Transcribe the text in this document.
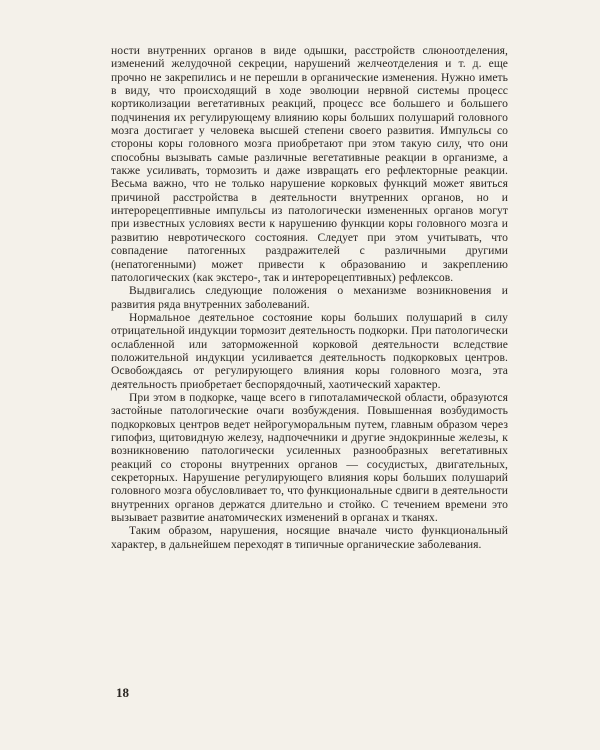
ности внутренних органов в виде одышки, расстройств слюноотделения, изменений желудочной секреции, нарушений желчеотделения и т. д. еще прочно не закрепились и не перешли в органические изменения. Нужно иметь в виду, что происходящий в ходе эволюции нервной системы процесс кортиколизации вегетативных реакций, процесс все большего и большего подчинения их регулирующему влиянию коры больших полушарий головного мозга достигает у человека высшей степени своего развития. Импульсы со стороны коры головного мозга приобретают при этом такую силу, что они способны вызывать самые различные вегетативные реакции в организме, а также усиливать, тормозить и даже извращать его рефлекторные реакции. Весьма важно, что не только нарушение корковых функций может явиться причиной расстройства в деятельности внутренних органов, но и интерорецептивные импульсы из патологически измененных органов могут при известных условиях вести к нарушению функции коры головного мозга и развитию невротического состояния. Следует при этом учитывать, что совпадение патогенных раздражителей с различными другими (непатогенными) может привести к образованию и закреплению патологических (как экстеро-, так и интерорецептивных) рефлексов.

Выдвигались следующие положения о механизме возникновения и развития ряда внутренних заболеваний.

Нормальное деятельное состояние коры больших полушарий в силу отрицательной индукции тормозит деятельность подкорки. При патологически ослабленной или заторможенной корковой деятельности вследствие положительной индукции усиливается деятельность подкорковых центров. Освобождаясь от регулирующего влияния коры головного мозга, эта деятельность приобретает беспорядочный, хаотический характер.

При этом в подкорке, чаще всего в гипоталамической области, образуются застойные патологические очаги возбуждения. Повышенная возбудимость подкорковых центров ведет нейрогуморальным путем, главным образом через гипофиз, щитовидную железу, надпочечники и другие эндокринные железы, к возникновению патологически усиленных разнообразных вегетативных реакций со стороны внутренних органов — сосудистых, двигательных, секреторных. Нарушение регулирующего влияния коры больших полушарий головного мозга обусловливает то, что функциональные сдвиги в деятельности внутренних органов держатся длительно и стойко. С течением времени это вызывает развитие анатомических изменений в органах и тканях.

Таким образом, нарушения, носящие вначале чисто функциональный характер, в дальнейшем переходят в типичные органические заболевания.

18
